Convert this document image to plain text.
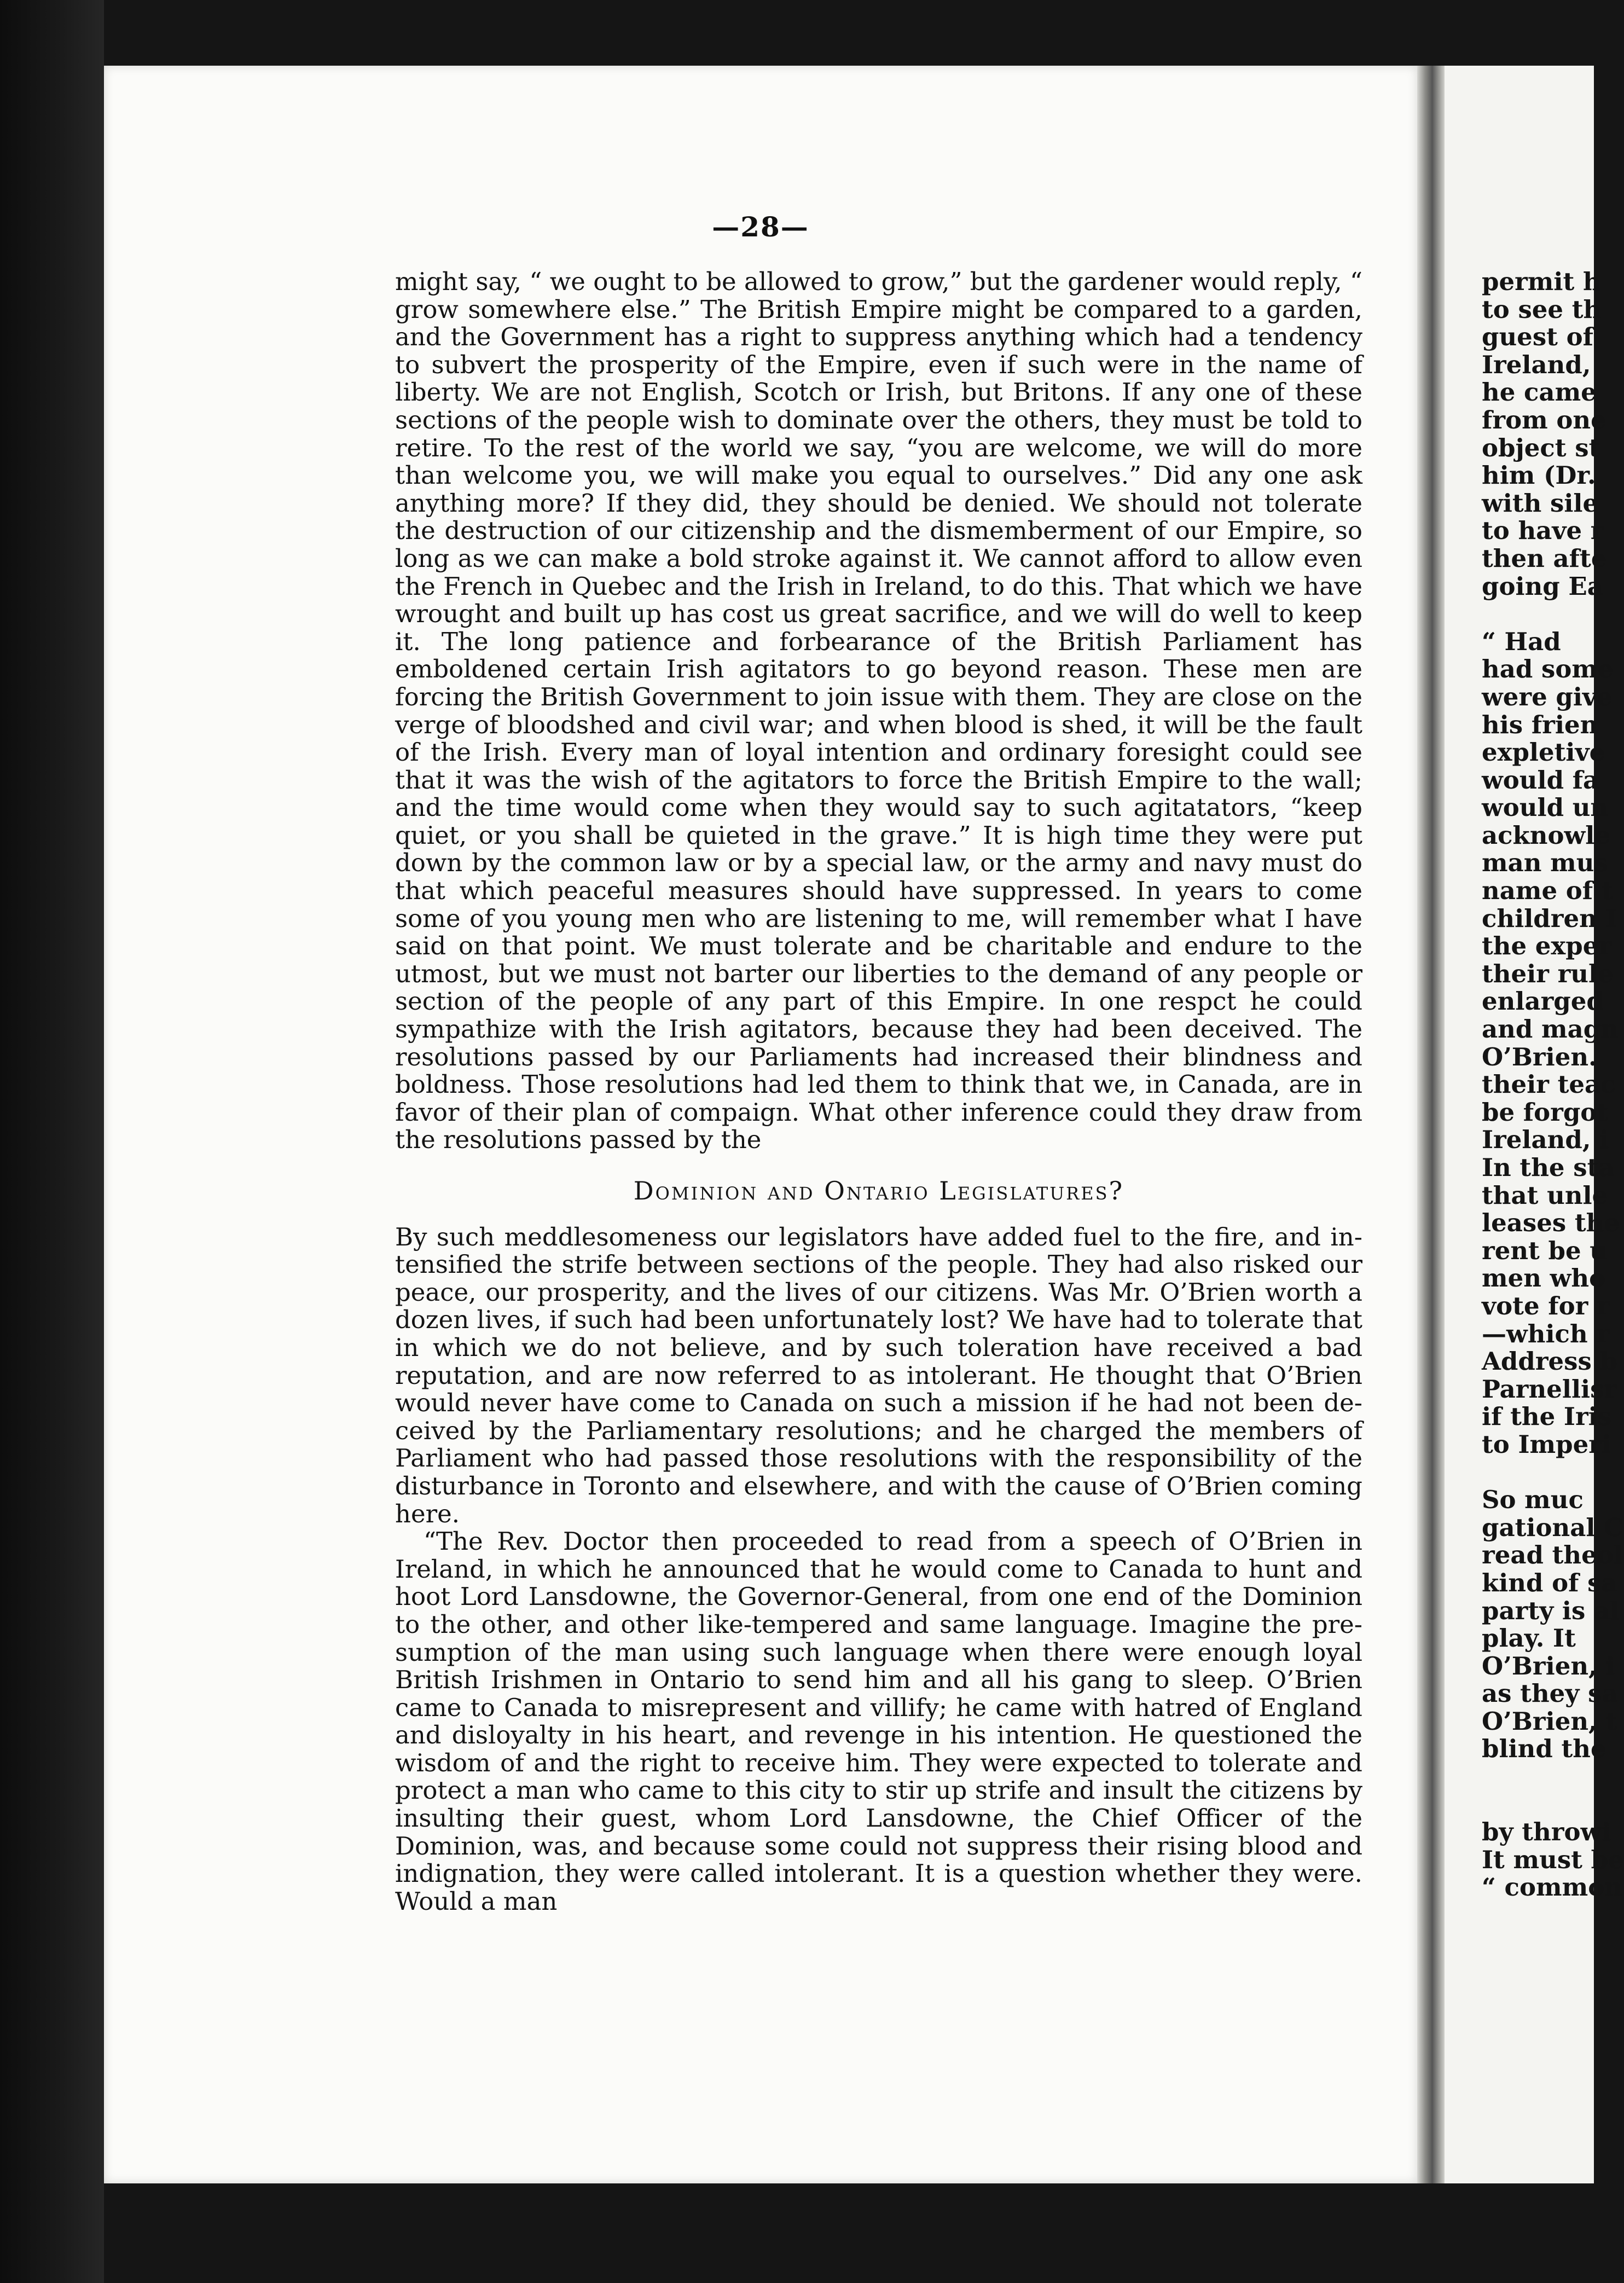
—28—

might say, “ we ought to be allowed to grow,” but the gardener would reply, “ grow somewhere else.” The British Empire might be compared to a garden, and the Government has a right to suppress anything which had a tendency to subvert the prosperity of the Empire, even if such were in the name of liberty. We are not English, Scotch or Irish, but Britons. If any one of these sections of the people wish to dominate over the others, they must be told to retire. To the rest of the world we say, “you are welcome, we will do more than welcome you, we will make you equal to ourselves.” Did any one ask anything more? If they did, they should be denied. We should not tolerate the destruction of our citizenship and the dismemberment of our Empire, so long as we can make a bold stroke against it. We cannot afford to allow even the French in Quebec and the Irish in Ireland, to do this. That which we have wrought and built up has cost us great sacrifice, and we will do well to keep it. The long patience and forbearance of the British Parliament has emboldened certain Irish agitators to go beyond reason. These men are forcing the British Government to join issue with them. They are close on the verge of bloodshed and civil war; and when blood is shed, it will be the fault of the Irish. Every man of loyal intention and ordinary foresight could see that it was the wish of the agitators to force the British Empire to the wall; and the time would come when they would say to such agitatators, “keep quiet, or you shall be quieted in the grave.” It is high time they were put down by the common law or by a special law, or the army and navy must do that which peaceful measures should have suppressed. In years to come some of you young men who are listening to me, will remember what I have said on that point. We must tolerate and be charitable and endure to the utmost, but we must not barter our liberties to the demand of any people or section of the people of any part of this Empire. In one respct he could sympathize with the Irish agitators, because they had been deceived. The resolutions passed by our Parliaments had increased their blindness and boldness. Those resolutions had led them to think that we, in Canada, are in favor of their plan of compaign. What other inference could they draw from the resolutions passed by the

Dominion and Ontario Legislatures?

By such meddlesomeness our legislators have added fuel to the fire, and in- tensified the strife between sections of the people. They had also risked our peace, our prosperity, and the lives of our citizens. Was Mr. O’Brien worth a dozen lives, if such had been unfortunately lost? We have had to tolerate that in which we do not believe, and by such toleration have received a bad reputation, and are now referred to as intolerant. He thought that O’Brien would never have come to Canada on such a mission if he had not been de- ceived by the Parliamentary resolutions; and he charged the members of Parliament who had passed those resolutions with the responsibility of the disturbance in Toronto and elsewhere, and with the cause of O’Brien coming here.

“The Rev. Doctor then proceeded to read from a speech of O’Brien in Ireland, in which he announced that he would come to Canada to hunt and hoot Lord Lansdowne, the Governor-General, from one end of the Dominion to the other, and other like-tempered and same language. Imagine the pre- sumption of the man using such language when there were enough loyal British Irishmen in Ontario to send him and all his gang to sleep. O’Brien came to Canada to misrepresent and villify; he came with hatred of England and disloyalty in his heart, and revenge in his intention. He questioned the wisdom of and the right to receive him. They were expected to tolerate and protect a man who came to this city to stir up strife and insult the citizens by insulting their guest, whom Lord Lansdowne, the Chief Officer of the Dominion, was, and because some could not suppress their rising blood and indignation, they were called intolerant. It is a question whether they were. Would a man

permit h
to see th
guest of
Ireland,
he came
from one
object st
him (Dr.
with sile
to have r
then afte
going Ea
“ Had
had some
were give
his frien
expletive
would fa
would un
acknowle
man mus
name of t
children I
the exper
their rule
enlarged
and magn
O’Brien.
their teac
be forgot
Ireland, i
In the sta
that unle
leases the
rent be u
men who
vote for r
—which r
Address b
Parnellisr
if the Iris
to Imperi
So muc
gational C
read theol
kind of sa
party is al
play. It
O’Brien, i
as they sa
O’Brien, t
blind the
by throwi
It must be
“ common
